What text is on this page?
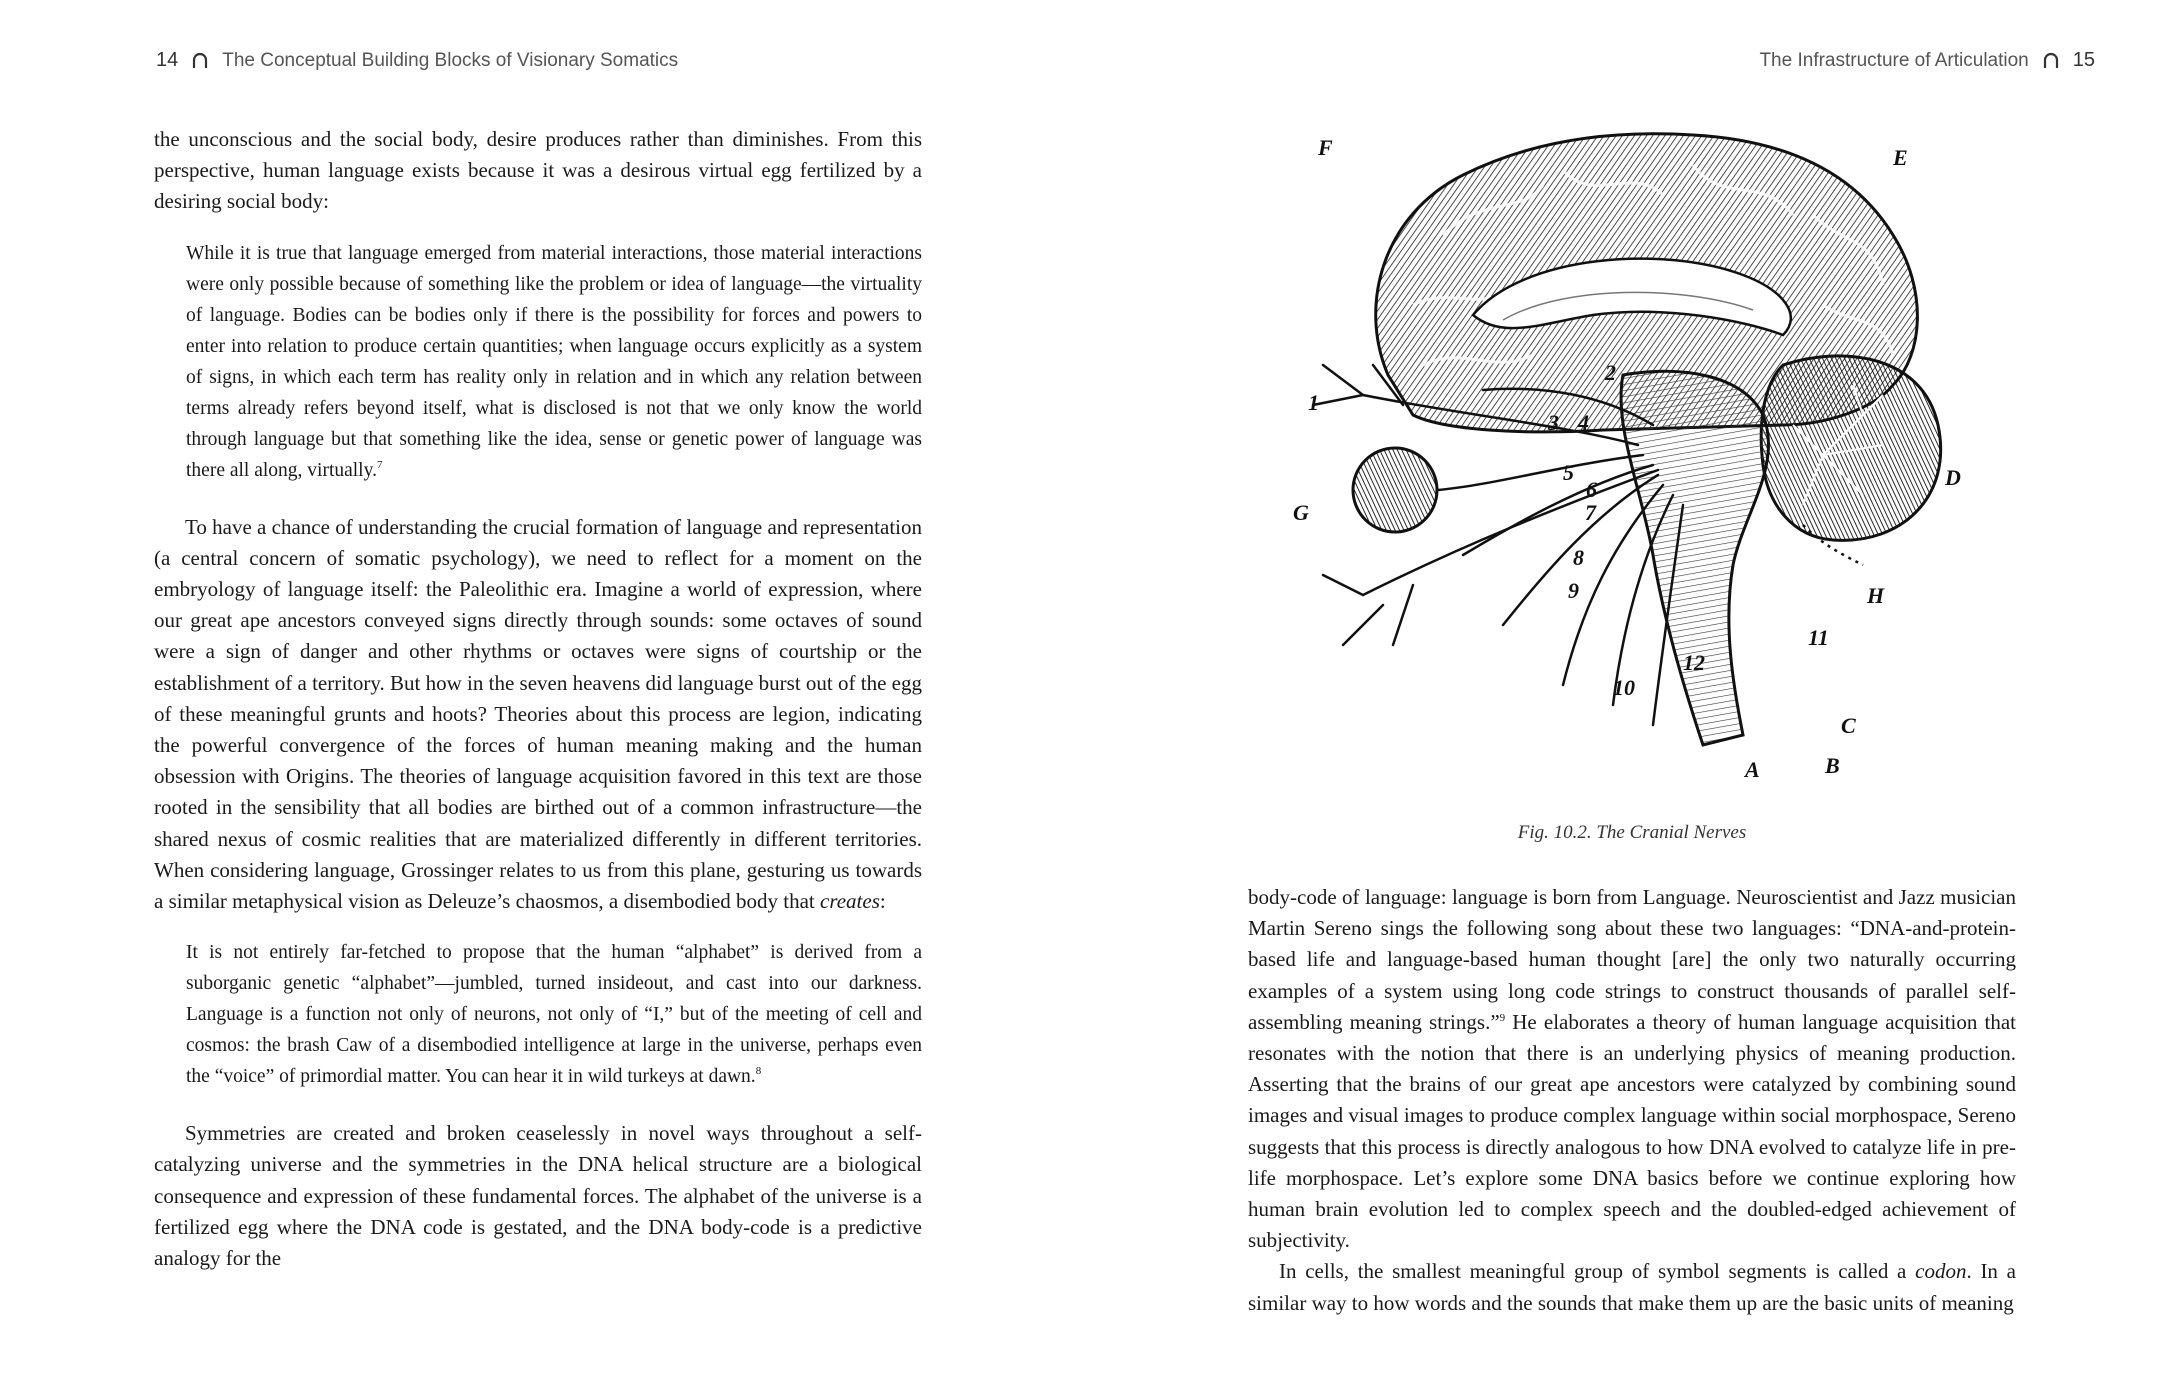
14 The Conceptual Building Blocks of Visionary Somatics

the unconscious and the social body, desire produces rather than diminishes. From this perspective, human language exists because it was a desirous virtual egg fertilized by a desiring social body:

While it is true that language emerged from material interactions, those material interactions were only possible because of something like the problem or idea of language—the virtuality of language. Bodies can be bodies only if there is the possibility for forces and powers to enter into relation to produce certain quantities; when language occurs explicitly as a system of signs, in which each term has reality only in relation and in which any relation between terms already refers beyond itself, what is disclosed is not that we only know the world through language but that something like the idea, sense or genetic power of language was there all along, virtually.$^7$

To have a chance of understanding the crucial formation of language and representation (a central concern of somatic psychology), we need to reflect for a moment on the embryology of language itself: the Paleolithic era. Imagine a world of expression, where our great ape ancestors conveyed signs directly through sounds: some octaves of sound were a sign of danger and other rhythms or octaves were signs of courtship or the establishment of a territory. But how in the seven heavens did language burst out of the egg of these meaningful grunts and hoots? Theories about this process are legion, indicating the powerful convergence of the forces of human meaning making and the human obsession with Origins. The theories of language acquisition favored in this text are those rooted in the sensibility that all bodies are birthed out of a common infrastructure—the shared nexus of cosmic realities that are materialized differently in different territories. When considering language, Grossinger relates to us from this plane, gesturing us towards a similar metaphysical vision as Deleuze’s chaosmos, a disembodied body that creates:

It is not entirely far-fetched to propose that the human “alphabet” is derived from a suborganic genetic “alphabet”—jumbled, turned insideout, and cast into our darkness. Language is a function not only of neurons, not only of “I,” but of the meeting of cell and cosmos: the brash Caw of a disembodied intelligence at large in the universe, perhaps even the “voice” of primordial matter. You can hear it in wild turkeys at dawn.$^8$

Symmetries are created and broken ceaselessly in novel ways throughout a self-catalyzing universe and the symmetries in the DNA helical structure are a biological consequence and expression of these fundamental forces. The alphabet of the universe is a fertilized egg where the DNA code is gestated, and the DNA body-code is a predictive analogy for the

The Infrastructure of Articulation 15
F	E
1
2
3 4
5
6
7
8
9
10
11
12
G
D
H
C
B
A
Fig. 10.2. The Cranial Nerves

body-code of language: language is born from Language. Neuroscientist and Jazz musician Martin Sereno sings the following song about these two languages: “DNA-and-protein-based life and language-based human thought [are] the only two naturally occurring examples of a system using long code strings to construct thousands of parallel self-assembling meaning strings.”$^9$ He elaborates a theory of human language acquisition that resonates with the notion that there is an underlying physics of meaning production. Asserting that the brains of our great ape ancestors were catalyzed by combining sound images and visual images to produce complex language within social morphospace, Sereno suggests that this process is directly analogous to how DNA evolved to catalyze life in pre-life morphospace. Let’s explore some DNA basics before we continue exploring how human brain evolution led to complex speech and the doubled-edged achievement of subjectivity.

In cells, the smallest meaningful group of symbol segments is called a codon. In a similar way to how words and the sounds that make them up are the basic units of meaning
